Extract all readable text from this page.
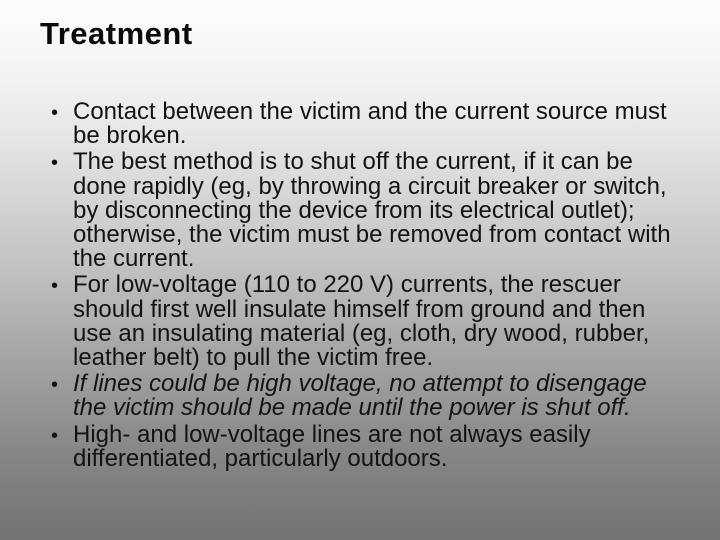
Treatment
• Contact between the victim and the current source must be broken.
• The best method is to shut off the current, if it can be done rapidly (eg, by throwing a circuit breaker or switch, by disconnecting the device from its electrical outlet); otherwise, the victim must be removed from contact with the current.
• For low-voltage (110 to 220 V) currents, the rescuer should first well insulate himself from ground and then use an insulating material (eg, cloth, dry wood, rubber, leather belt) to pull the victim free.
• If lines could be high voltage, no attempt to disengage the victim should be made until the power is shut off.
• High- and low-voltage lines are not always easily differentiated, particularly outdoors.
